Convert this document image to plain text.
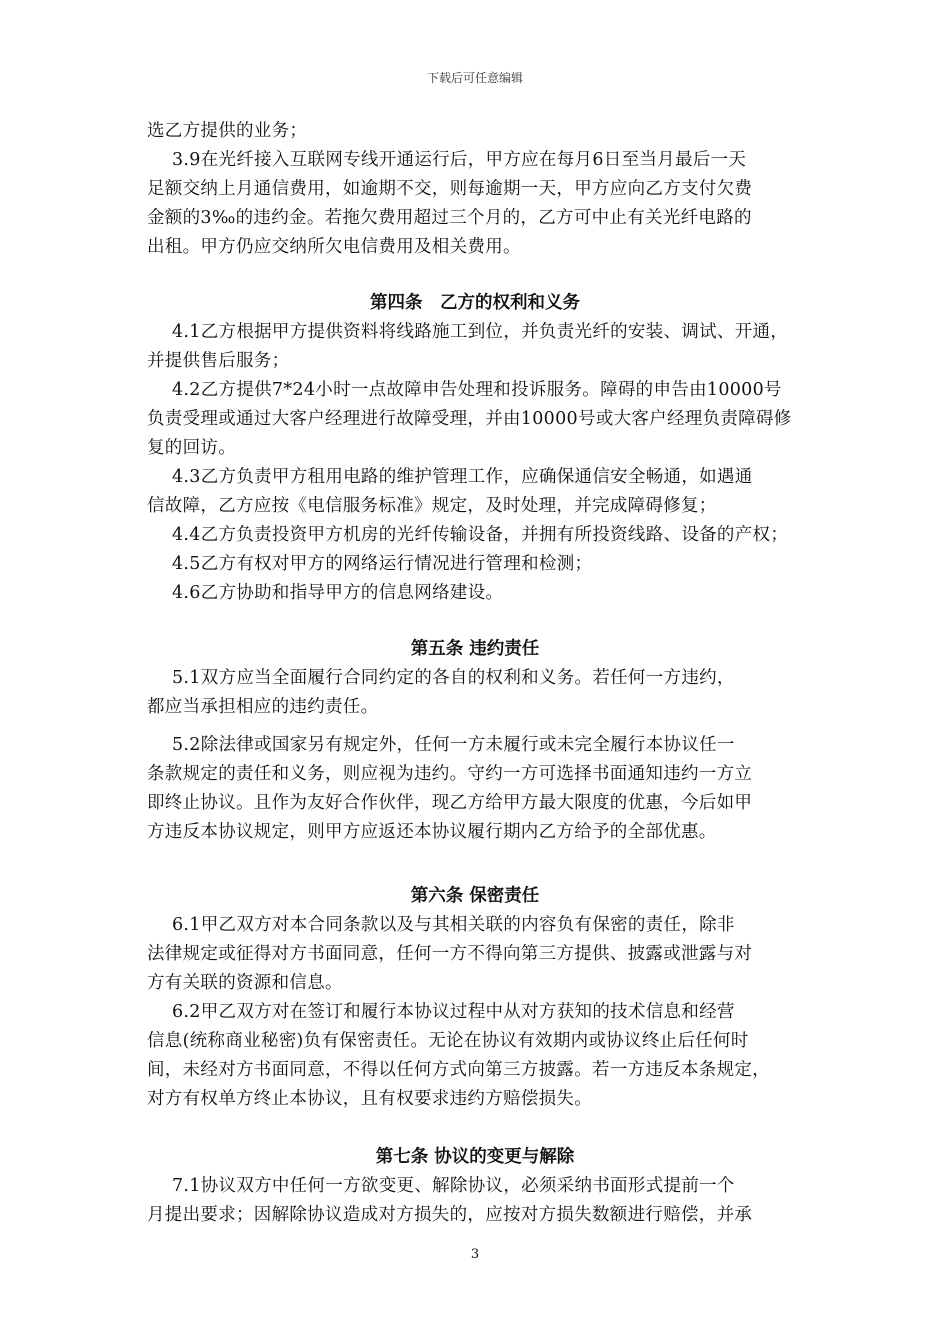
下载后可任意编辑
选乙方提供的业务；
3.9在光纤接入互联网专线开通运行后，甲方应在每月6日至当月最后一天
足额交纳上月通信费用，如逾期不交，则每逾期一天，甲方应向乙方支付欠费
金额的3‰的违约金。若拖欠费用超过三个月的，乙方可中止有关光纤电路的
出租。甲方仍应交纳所欠电信费用及相关费用。
第四条　乙方的权利和义务
4.1乙方根据甲方提供资料将线路施工到位，并负责光纤的安装、调试、开通，
并提供售后服务；
4.2乙方提供7*24小时一点故障申告处理和投诉服务。障碍的申告由10000号
负责受理或通过大客户经理进行故障受理，并由10000号或大客户经理负责障碍修
复的回访。
4.3乙方负责甲方租用电路的维护管理工作，应确保通信安全畅通，如遇通
信故障，乙方应按《电信服务标准》规定，及时处理，并完成障碍修复；
4.4乙方负责投资甲方机房的光纤传输设备，并拥有所投资线路、设备的产权；
4.5乙方有权对甲方的网络运行情况进行管理和检测；
4.6乙方协助和指导甲方的信息网络建设。
第五条 违约责任
5.1双方应当全面履行合同约定的各自的权利和义务。若任何一方违约，
都应当承担相应的违约责任。
5.2除法律或国家另有规定外，任何一方未履行或未完全履行本协议任一
条款规定的责任和义务，则应视为违约。守约一方可选择书面通知违约一方立
即终止协议。且作为友好合作伙伴，现乙方给甲方最大限度的优惠，今后如甲
方违反本协议规定，则甲方应返还本协议履行期内乙方给予的全部优惠。
第六条 保密责任
6.1甲乙双方对本合同条款以及与其相关联的内容负有保密的责任，除非
法律规定或征得对方书面同意，任何一方不得向第三方提供、披露或泄露与对
方有关联的资源和信息。
6.2甲乙双方对在签订和履行本协议过程中从对方获知的技术信息和经营
信息(统称商业秘密)负有保密责任。无论在协议有效期内或协议终止后任何时
间，未经对方书面同意，不得以任何方式向第三方披露。若一方违反本条规定，
对方有权单方终止本协议，且有权要求违约方赔偿损失。
第七条 协议的变更与解除
7.1协议双方中任何一方欲变更、解除协议，必须采纳书面形式提前一个
月提出要求；因解除协议造成对方损失的，应按对方损失数额进行赔偿，并承
3
